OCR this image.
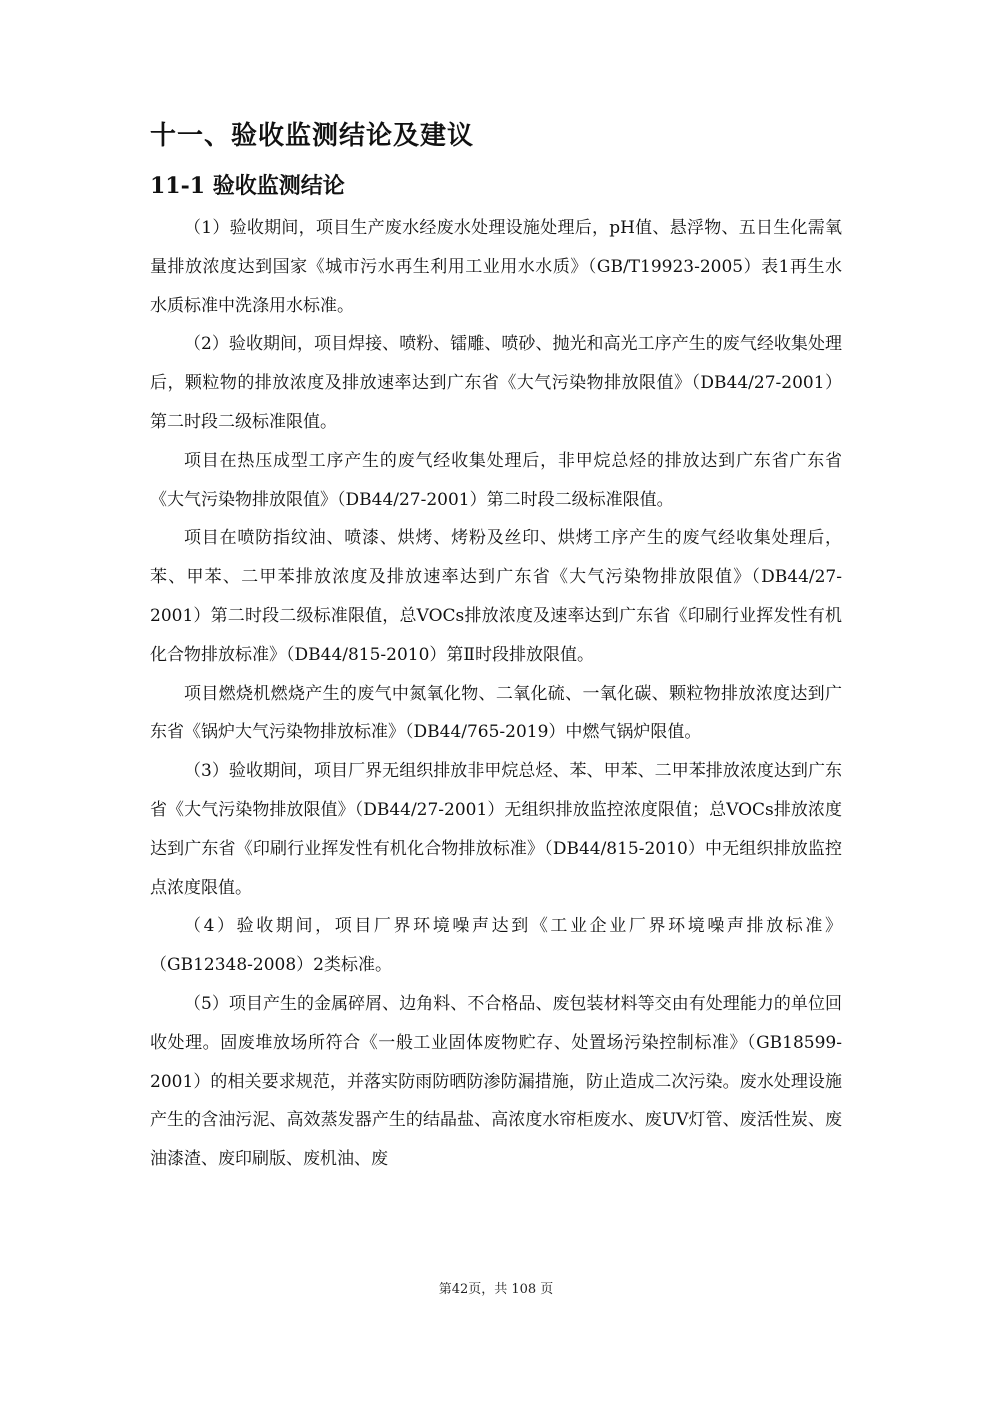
十一、验收监测结论及建议
11-1 验收监测结论

（1）验收期间，项目生产废水经废水处理设施处理后，pH值、悬浮物、五日生化需氧量排放浓度达到国家《城市污水再生利用工业用水水质》（GB/T19923-2005）表1再生水水质标准中洗涤用水标准。

（2）验收期间，项目焊接、喷粉、镭雕、喷砂、抛光和高光工序产生的废气经收集处理后，颗粒物的排放浓度及排放速率达到广东省《大气污染物排放限值》（DB44/27-2001）第二时段二级标准限值。

项目在热压成型工序产生的废气经收集处理后，非甲烷总烃的排放达到广东省广东省《大气污染物排放限值》（DB44/27-2001）第二时段二级标准限值。

项目在喷防指纹油、喷漆、烘烤、烤粉及丝印、烘烤工序产生的废气经收集处理后，苯、甲苯、二甲苯排放浓度及排放速率达到广东省《大气污染物排放限值》（DB44/27-2001）第二时段二级标准限值，总VOCs排放浓度及速率达到广东省《印刷行业挥发性有机化合物排放标准》（DB44/815-2010）第Ⅱ时段排放限值。

项目燃烧机燃烧产生的废气中氮氧化物、二氧化硫、一氧化碳、颗粒物排放浓度达到广东省《锅炉大气污染物排放标准》（DB44/765-2019）中燃气锅炉限值。

（3）验收期间，项目厂界无组织排放非甲烷总烃、苯、甲苯、二甲苯排放浓度达到广东省《大气污染物排放限值》（DB44/27-2001）无组织排放监控浓度限值；总VOCs排放浓度达到广东省《印刷行业挥发性有机化合物排放标准》（DB44/815-2010）中无组织排放监控点浓度限值。

（4）验收期间，项目厂界环境噪声达到《工业企业厂界环境噪声排放标准》（GB12348-2008）2类标准。

（5）项目产生的金属碎屑、边角料、不合格品、废包装材料等交由有处理能力的单位回收处理。固废堆放场所符合《一般工业固体废物贮存、处置场污染控制标准》（GB18599-2001）的相关要求规范，并落实防雨防晒防渗防漏措施，防止造成二次污染。废水处理设施产生的含油污泥、高效蒸发器产生的结晶盐、高浓度水帘柜废水、废UV灯管、废活性炭、废油漆渣、废印刷版、废机油、废

第42页，共 108 页
